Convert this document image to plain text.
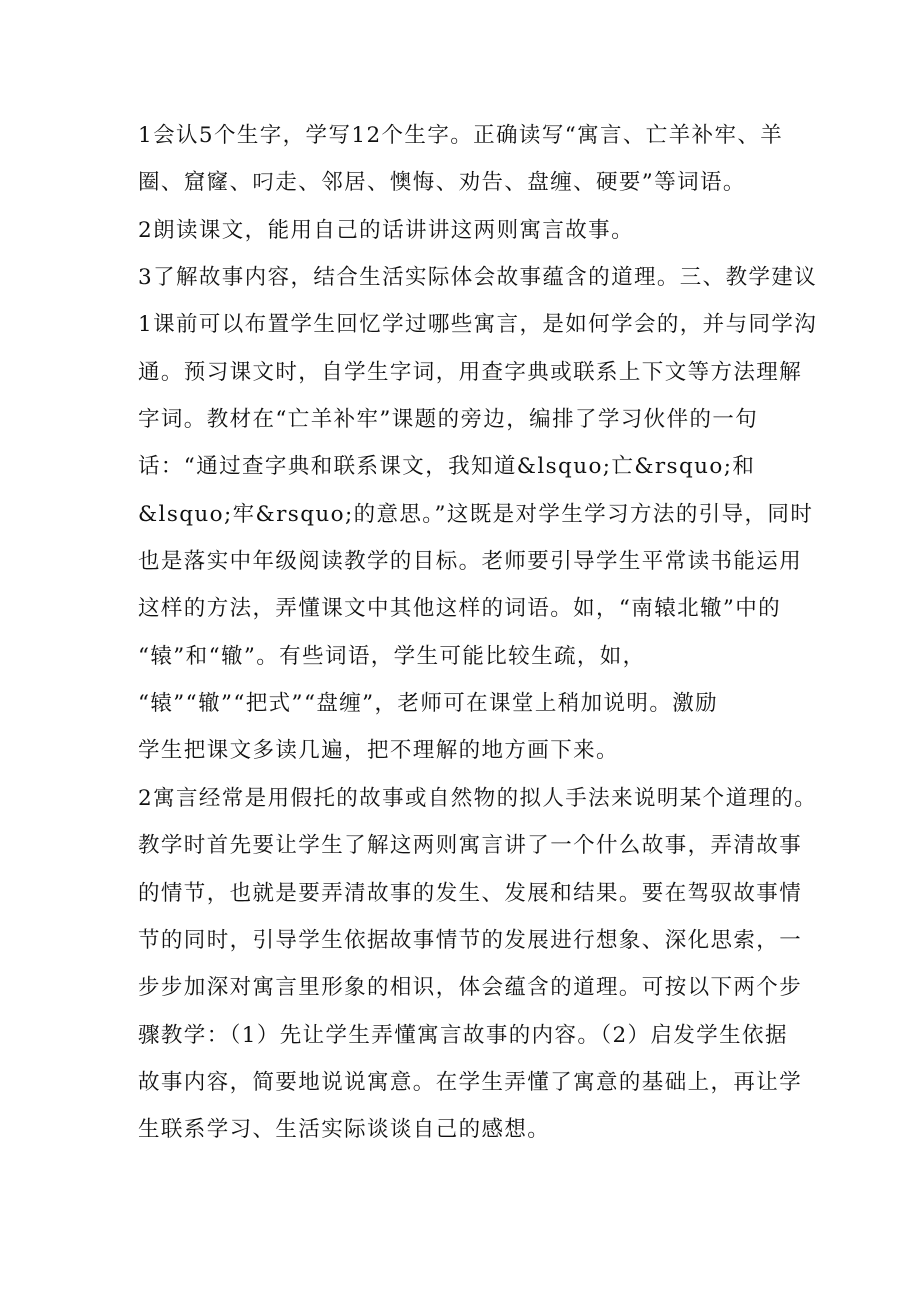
1会认5个生字，学写12个生字。正确读写“寓言、亡羊补牢、羊
圈、窟窿、叼走、邻居、懊悔、劝告、盘缠、硬要”等词语。
2朗读课文，能用自己的话讲讲这两则寓言故事。
3了解故事内容，结合生活实际体会故事蕴含的道理。三、教学建议
1课前可以布置学生回忆学过哪些寓言，是如何学会的，并与同学沟
通。预习课文时，自学生字词，用查字典或联系上下文等方法理解
字词。教材在“亡羊补牢”课题的旁边，编排了学习伙伴的一句
话：“通过查字典和联系课文，我知道&lsquo;亡&rsquo;和
&lsquo;牢&rsquo;的意思。”这既是对学生学习方法的引导，同时
也是落实中年级阅读教学的目标。老师要引导学生平常读书能运用
这样的方法，弄懂课文中其他这样的词语。如，“南辕北辙”中的
“辕”和“辙”。有些词语，学生可能比较生疏，如，
“辕”“辙”“把式”“盘缠”，老师可在课堂上稍加说明。激励
学生把课文多读几遍，把不理解的地方画下来。
2寓言经常是用假托的故事或自然物的拟人手法来说明某个道理的。
教学时首先要让学生了解这两则寓言讲了一个什么故事，弄清故事
的情节，也就是要弄清故事的发生、发展和结果。要在驾驭故事情
节的同时，引导学生依据故事情节的发展进行想象、深化思索，一
步步加深对寓言里形象的相识，体会蕴含的道理。可按以下两个步
骤教学：（1）先让学生弄懂寓言故事的内容。（2）启发学生依据
故事内容，简要地说说寓意。在学生弄懂了寓意的基础上，再让学
生联系学习、生活实际谈谈自己的感想。
